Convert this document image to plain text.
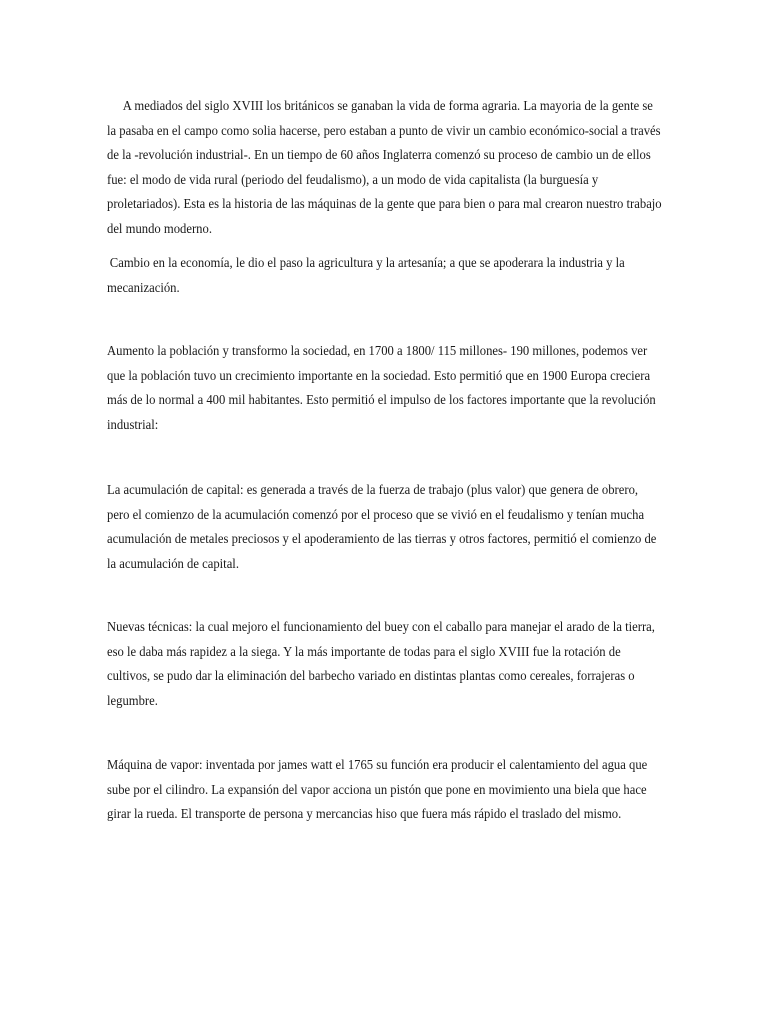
A mediados del siglo XVIII los británicos se ganaban la vida de forma agraria. La mayoria de la gente se la pasaba en el campo como solia hacerse, pero estaban a punto de vivir un cambio económico-social a través de la -revolución industrial-. En un tiempo de 60 años Inglaterra comenzó su proceso de cambio un de ellos fue: el modo de vida rural (periodo del feudalismo), a un modo de vida capitalista (la burguesía y proletariados). Esta es la historia de las máquinas de la gente que para bien o para mal crearon nuestro trabajo del mundo moderno.

Cambio en la economía, le dio el paso la agricultura y la artesanía; a que se apoderara la industria y la mecanización.

Aumento la población y transformo la sociedad, en 1700 a 1800/ 115 millones- 190 millones, podemos ver que la población tuvo un crecimiento importante en la sociedad. Esto permitió que en 1900 Europa creciera más de lo normal a 400 mil habitantes. Esto permitió el impulso de los factores importante que la revolución industrial:

La acumulación de capital: es generada a través de la fuerza de trabajo (plus valor) que genera de obrero, pero el comienzo de la acumulación comenzó por el proceso que se vivió en el feudalismo y tenían mucha acumulación de metales preciosos y el apoderamiento de las tierras y otros factores, permitió el comienzo de la acumulación de capital.

Nuevas técnicas: la cual mejoro el funcionamiento del buey con el caballo para manejar el arado de la tierra, eso le daba más rapidez a la siega. Y la más importante de todas para el siglo XVIII fue la rotación de cultivos, se pudo dar la eliminación del barbecho variado en distintas plantas como cereales, forrajeras o legumbre.

Máquina de vapor: inventada por james watt el 1765 su función era producir el calentamiento del agua que sube por el cilindro. La expansión del vapor acciona un pistón que pone en movimiento una biela que hace girar la rueda. El transporte de persona y mercancias hiso que fuera más rápido el traslado del mismo.
